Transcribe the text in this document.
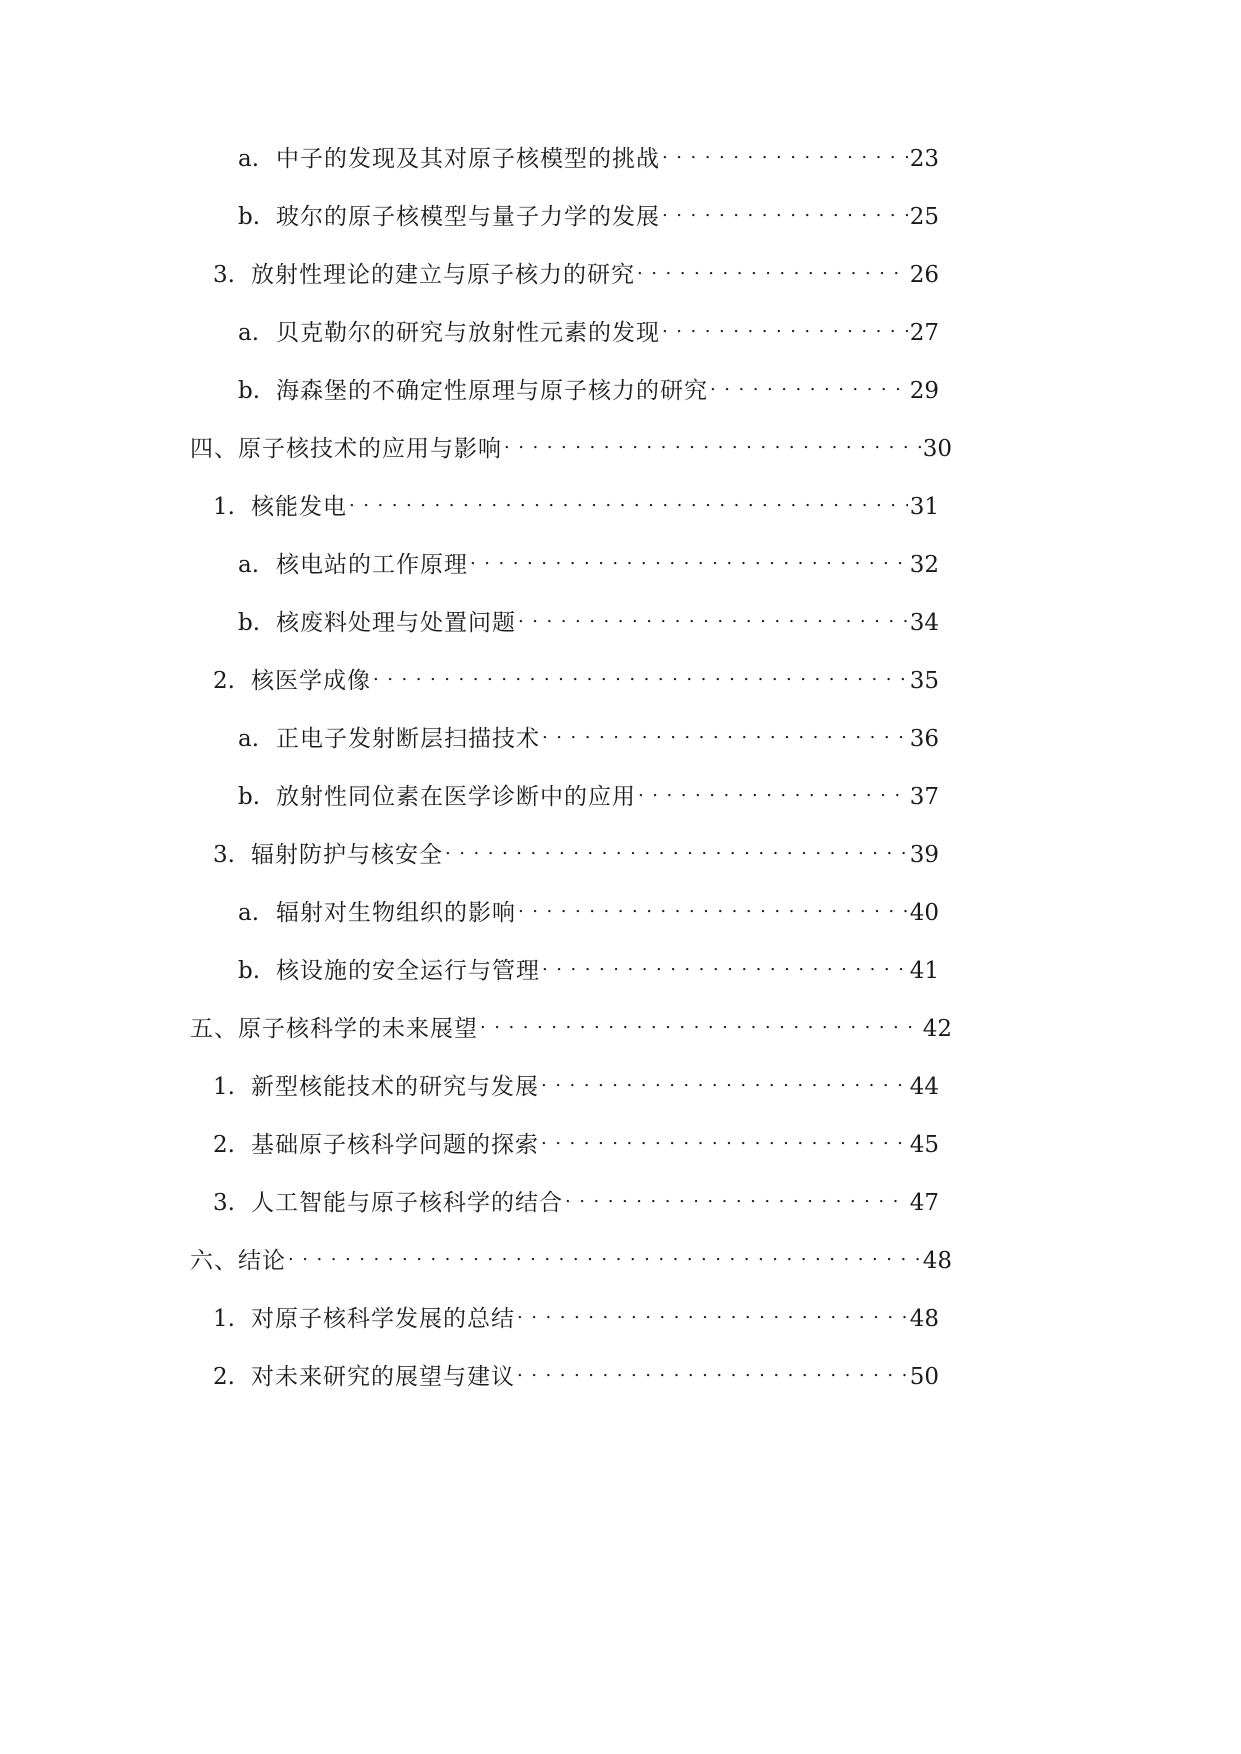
a. 中子的发现及其对原子核模型的挑战 . . .	23
b. 玻尔的原子核模型与量子力学的发展 . . .	25
3. 放射性理论的建立与原子核力的研究 . . .	26
a. 贝克勒尔的研究与放射性元素的发现 . . .	27
b. 海森堡的不确定性原理与原子核力的研究 . . .	29
四、原子核技术的应用与影响 . . .	30
1. 核能发电 . . .	31
a. 核电站的工作原理 . . .	32
b. 核废料处理与处置问题 . . .	34
2. 核医学成像 . . .	35
a. 正电子发射断层扫描技术 . . .	36
b. 放射性同位素在医学诊断中的应用 . . .	37
3. 辐射防护与核安全 . . .	39
a. 辐射对生物组织的影响 . . .	40
b. 核设施的安全运行与管理 . . .	41
五、原子核科学的未来展望 . . .	42
1. 新型核能技术的研究与发展 . . .	44
2. 基础原子核科学问题的探索 . . .	45
3. 人工智能与原子核科学的结合 . . .	47
六、结论 . . .	48
1. 对原子核科学发展的总结 . . .	48
2. 对未来研究的展望与建议 . . .	50
